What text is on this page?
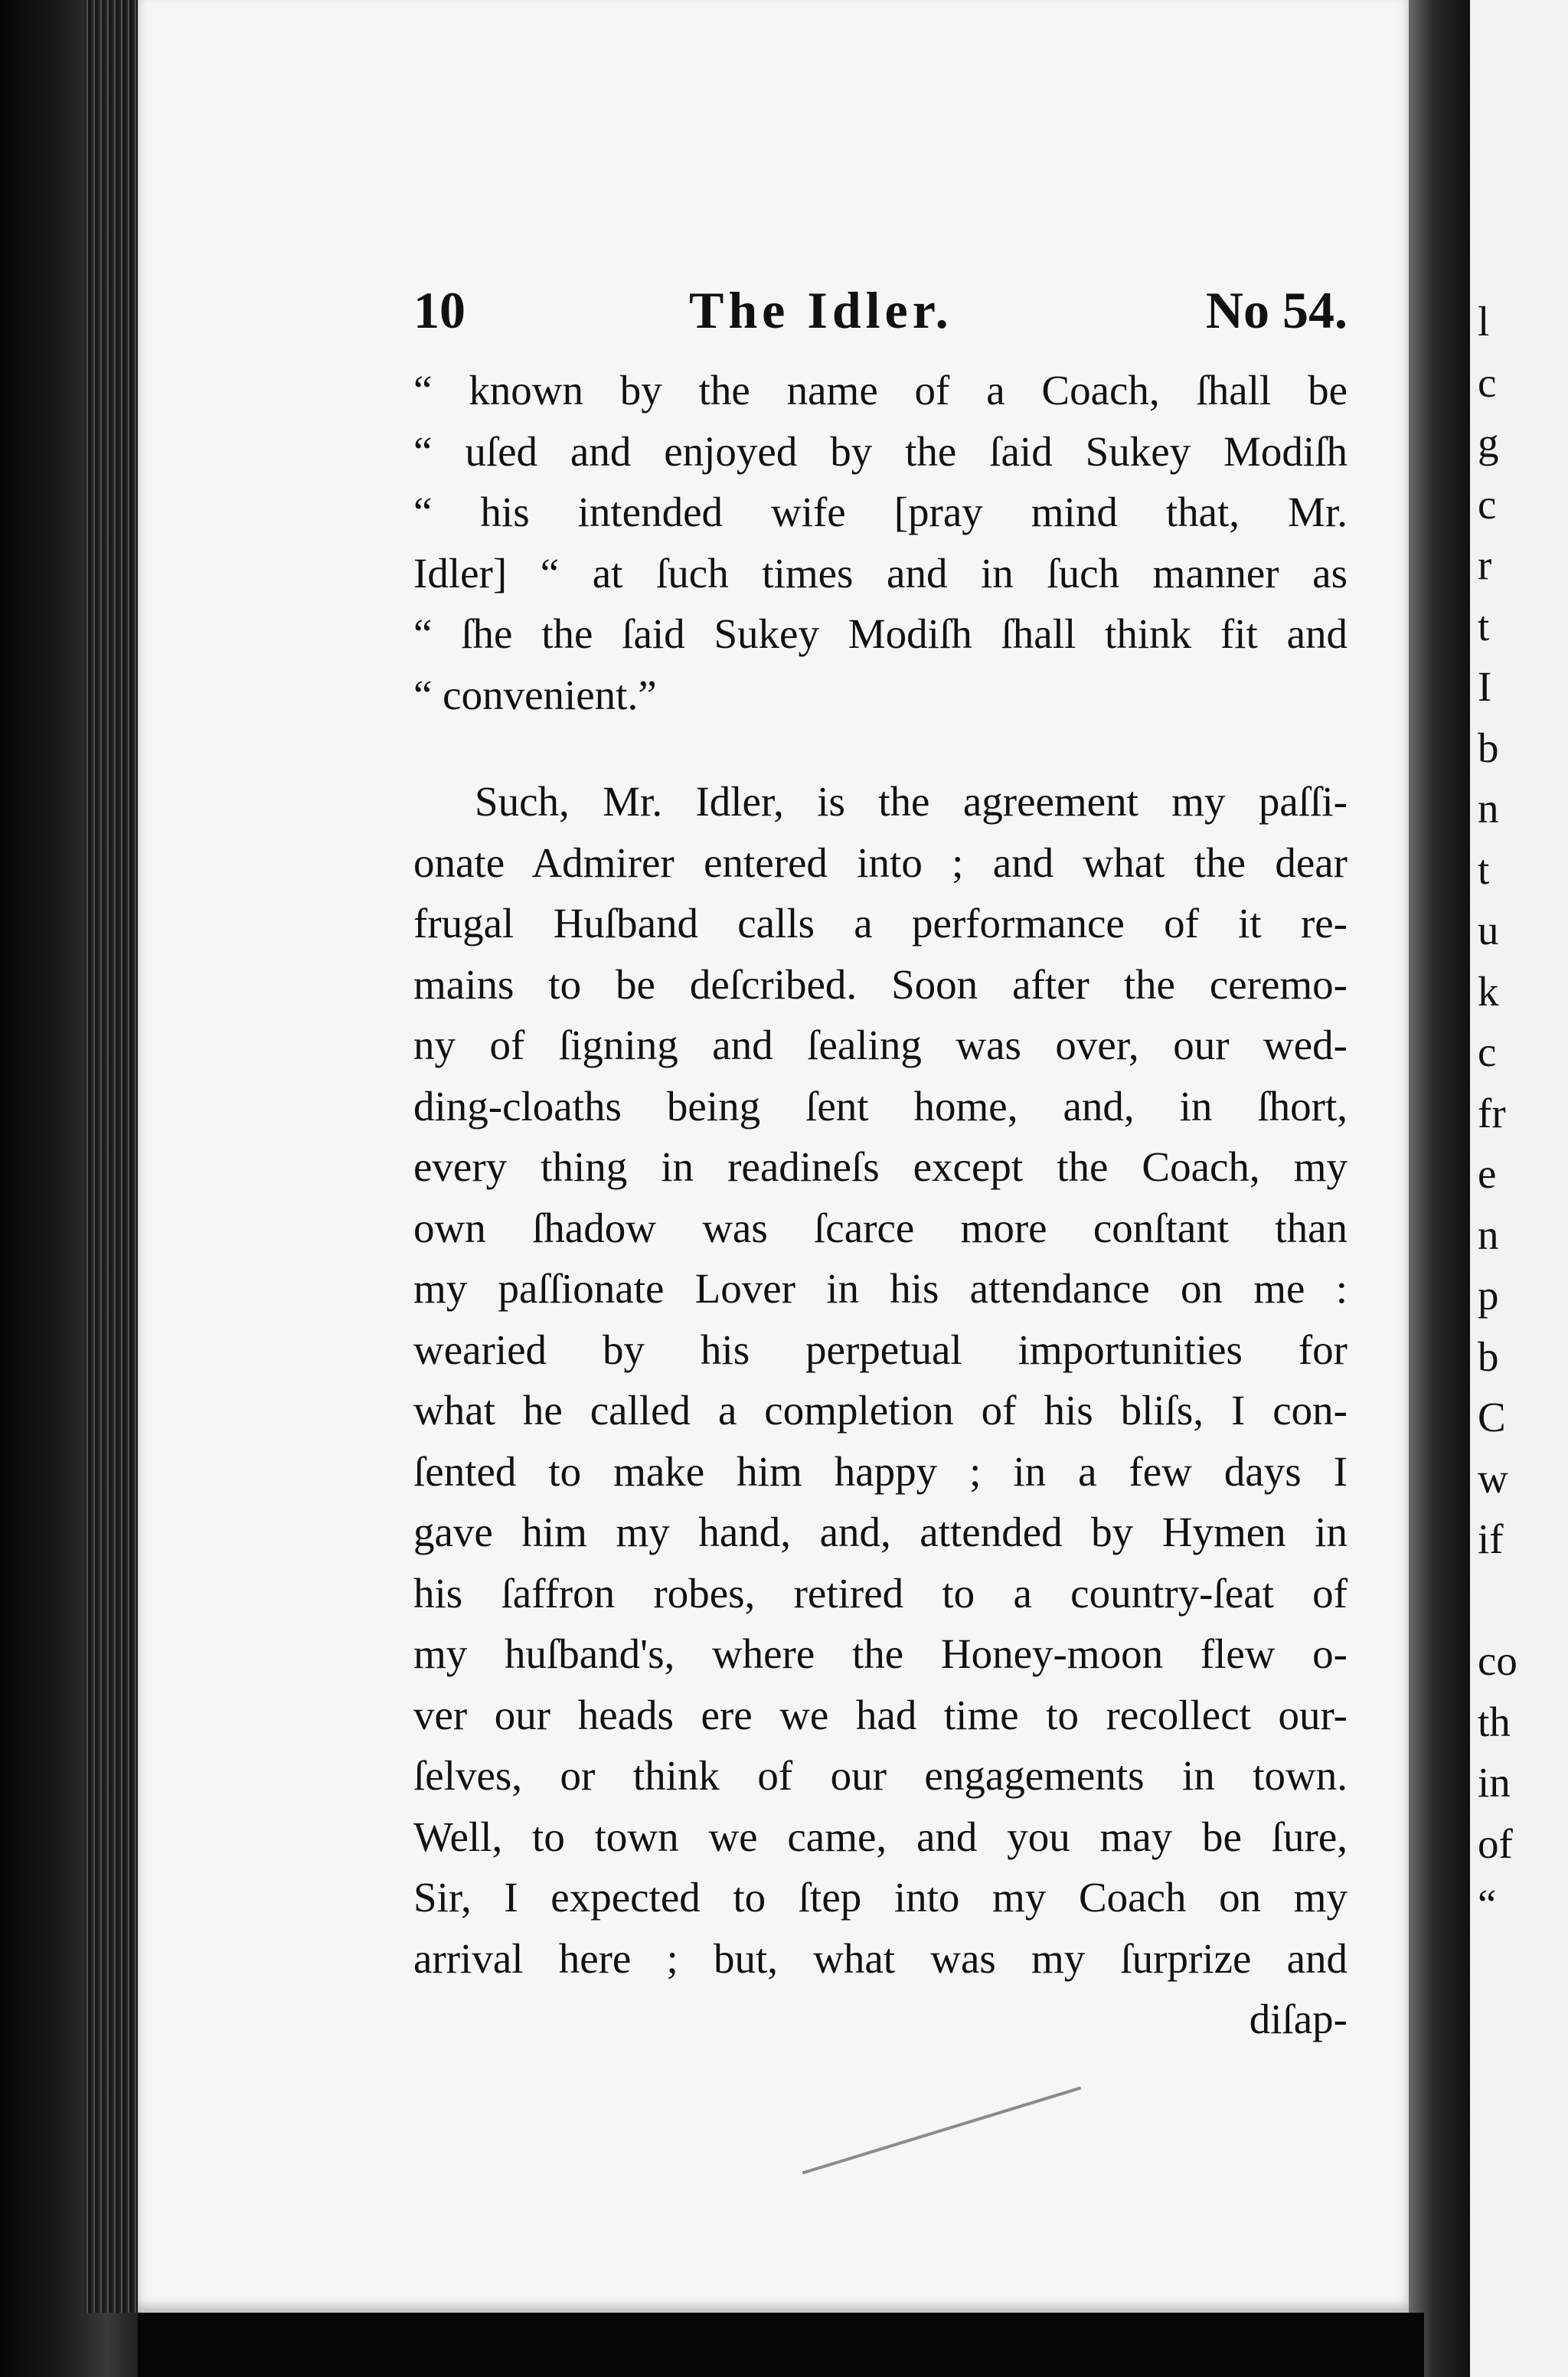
l
c
g
c
r
t
I
b
n
t
u
k
c
fr
e
n
p
b
C
w
if
co
th
in
of
“
10	The Idler.	No 54.
“ known by the name of a Coach, ſhall be
“ uſed and enjoyed by the ſaid Sukey Modiſh
“ his intended wife [pray mind that, Mr.
Idler] “ at ſuch times and in ſuch manner as
“ ſhe the ſaid Sukey Modiſh ſhall think fit and
“ convenient.”
Such, Mr. Idler, is the agreement my paſſi-
onate Admirer entered into ; and what the dear
frugal Huſband calls a performance of it re-
mains to be deſcribed. Soon after the ceremo-
ny of ſigning and ſealing was over, our wed-
ding-cloaths being ſent home, and, in ſhort,
every thing in readineſs except the Coach, my
own ſhadow was ſcarce more conſtant than
my paſſionate Lover in his attendance on me :
wearied by his perpetual importunities for
what he called a completion of his bliſs, I con-
ſented to make him happy ; in a few days I
gave him my hand, and, attended by Hymen in
his ſaffron robes, retired to a country-ſeat of
my huſband's, where the Honey-moon flew o-
ver our heads ere we had time to recollect our-
ſelves, or think of our engagements in town.
Well, to town we came, and you may be ſure,
Sir, I expected to ſtep into my Coach on my
arrival here ; but, what was my ſurprize and
diſap-
